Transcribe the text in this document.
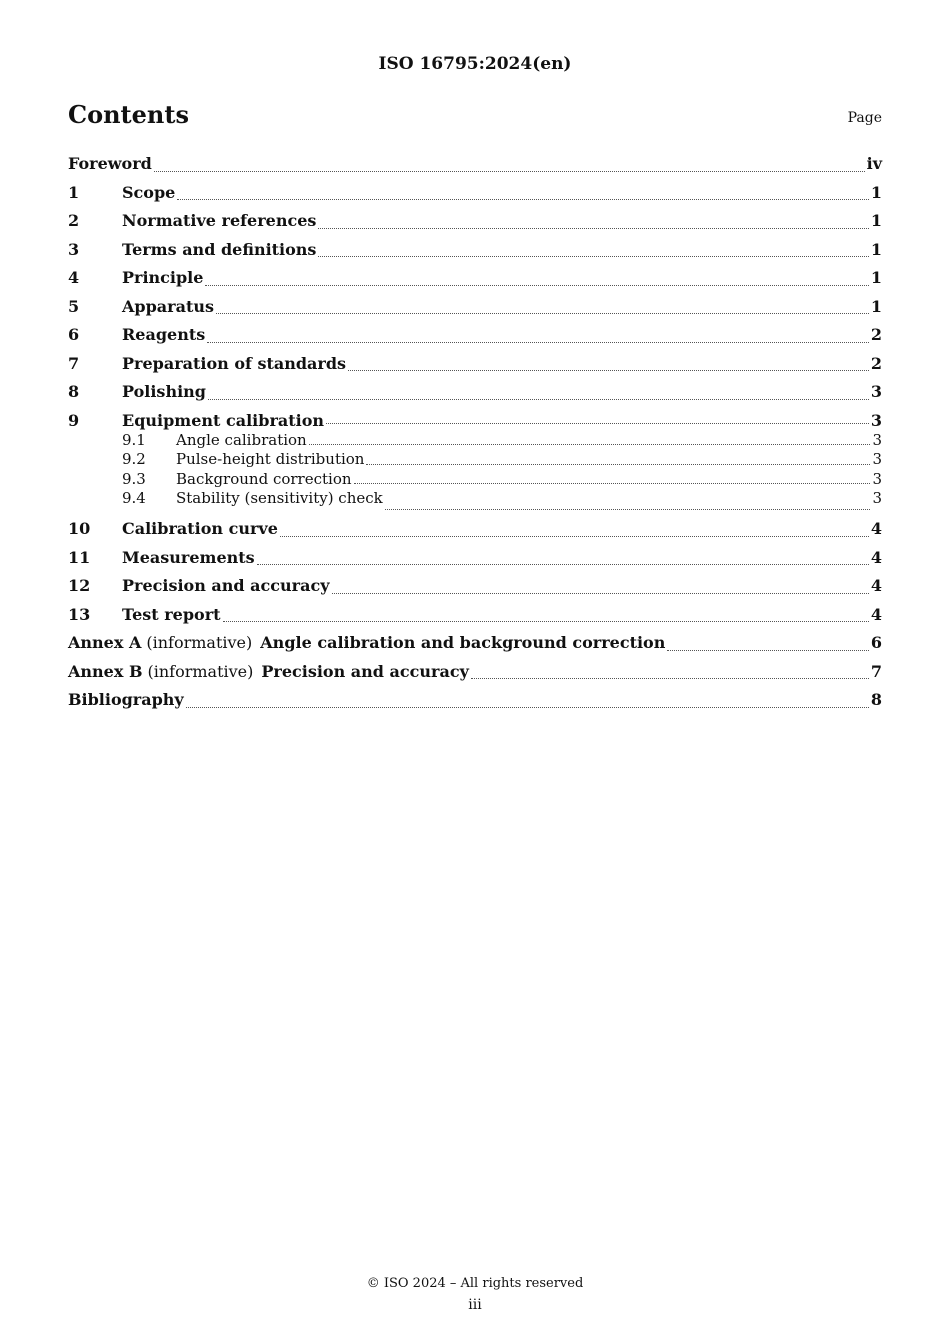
ISO 16795:2024(en)
Contents	Page
Foreword	iv
1	Scope	1
2	Normative references	1
3	Terms and definitions	1
4	Principle	1
5	Apparatus	1
6	Reagents	2
7	Preparation of standards	2
8	Polishing	3
9	Equipment calibration	3
9.1	Angle calibration	3
9.2	Pulse-height distribution	3
9.3	Background correction	3
9.4	Stability (sensitivity) check	3
10	Calibration curve	4
11	Measurements	4
12	Precision and accuracy	4
13	Test report	4
Annex A (informative) Angle calibration and background correction	6
Annex B (informative) Precision and accuracy	7
Bibliography	8
© ISO 2024 – All rights reserved
iii
